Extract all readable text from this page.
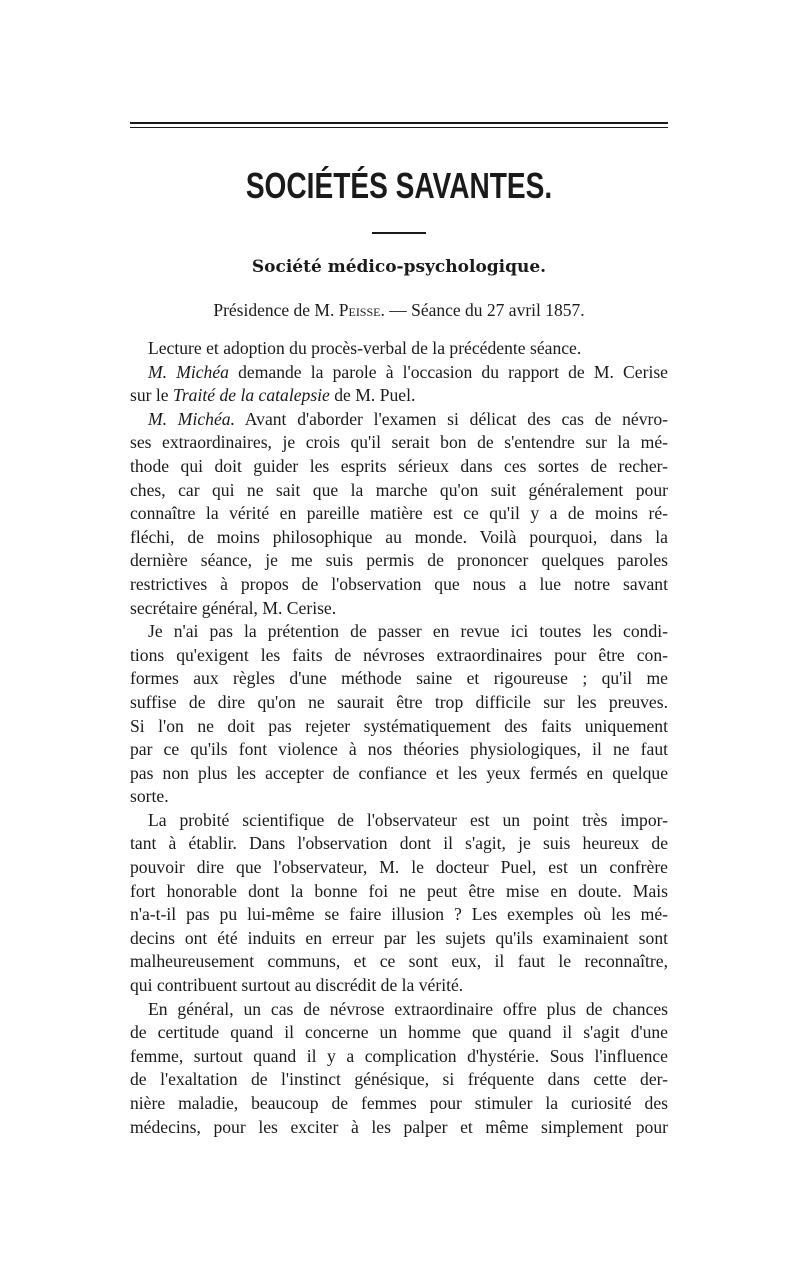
SOCIÉTÉS SAVANTES.
Société médico-psychologique.
Présidence de M. Peisse. — Séance du 27 avril 1857.
Lecture et adoption du procès-verbal de la précédente séance.
M. Michéa demande la parole à l'occasion du rapport de M. Cerise
sur le Traité de la catalepsie de M. Puel.
M. Michéa. Avant d'aborder l'examen si délicat des cas de névro-
ses extraordinaires, je crois qu'il serait bon de s'entendre sur la mé-
thode qui doit guider les esprits sérieux dans ces sortes de recher-
ches, car qui ne sait que la marche qu'on suit généralement pour
connaître la vérité en pareille matière est ce qu'il y a de moins ré-
fléchi, de moins philosophique au monde. Voilà pourquoi, dans la
dernière séance, je me suis permis de prononcer quelques paroles
restrictives à propos de l'observation que nous a lue notre savant
secrétaire général, M. Cerise.
Je n'ai pas la prétention de passer en revue ici toutes les condi-
tions qu'exigent les faits de névroses extraordinaires pour être con-
formes aux règles d'une méthode saine et rigoureuse ; qu'il me
suffise de dire qu'on ne saurait être trop difficile sur les preuves.
Si l'on ne doit pas rejeter systématiquement des faits uniquement
par ce qu'ils font violence à nos théories physiologiques, il ne faut
pas non plus les accepter de confiance et les yeux fermés en quelque
sorte.
La probité scientifique de l'observateur est un point très impor-
tant à établir. Dans l'observation dont il s'agit, je suis heureux de
pouvoir dire que l'observateur, M. le docteur Puel, est un confrère
fort honorable dont la bonne foi ne peut être mise en doute. Mais
n'a-t-il pas pu lui-même se faire illusion ? Les exemples où les mé-
decins ont été induits en erreur par les sujets qu'ils examinaient sont
malheureusement communs, et ce sont eux, il faut le reconnaître,
qui contribuent surtout au discrédit de la vérité.
En général, un cas de névrose extraordinaire offre plus de chances
de certitude quand il concerne un homme que quand il s'agit d'une
femme, surtout quand il y a complication d'hystérie. Sous l'influence
de l'exaltation de l'instinct génésique, si fréquente dans cette der-
nière maladie, beaucoup de femmes pour stimuler la curiosité des
médecins, pour les exciter à les palper et même simplement pour
